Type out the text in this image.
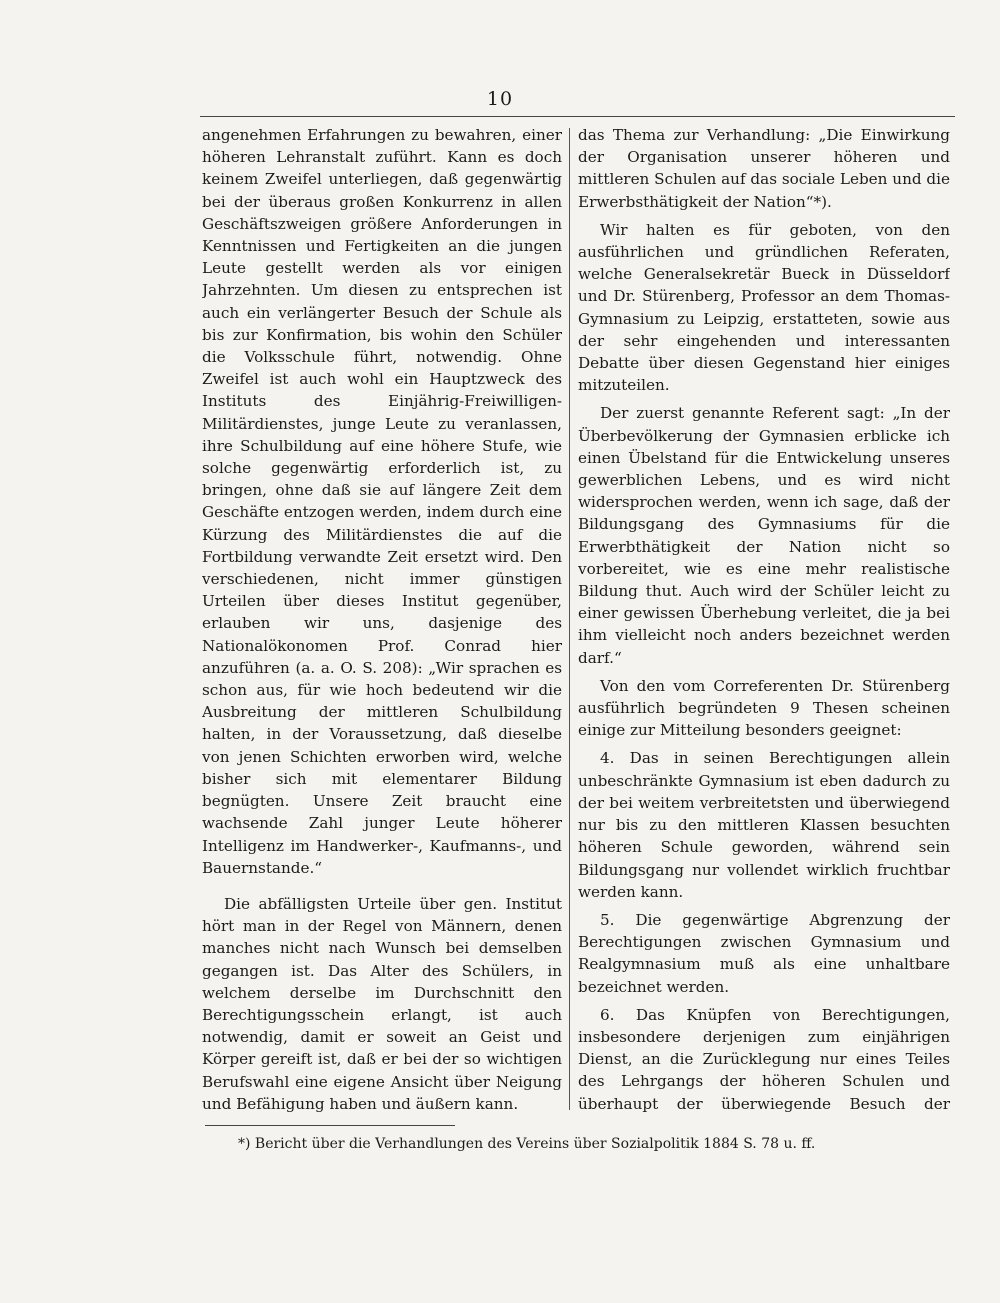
10

angenehmen Erfahrungen zu bewahren, einer höheren Lehranstalt zuführt. Kann es doch keinem Zweifel unterliegen, daß gegenwärtig bei der überaus großen Konkurrenz in allen Geschäftszweigen größere Anforderungen in Kenntnissen und Fertigkeiten an die jungen Leute gestellt werden als vor einigen Jahrzehnten. Um diesen zu entsprechen ist auch ein verlängerter Besuch der Schule als bis zur Konfirmation, bis wohin den Schüler die Volksschule führt, notwendig. Ohne Zweifel ist auch wohl ein Hauptzweck des Instituts des Einjährig-Freiwilligen-Militärdienstes, junge Leute zu veranlassen, ihre Schulbildung auf eine höhere Stufe, wie solche gegenwärtig erforderlich ist, zu bringen, ohne daß sie auf längere Zeit dem Geschäfte entzogen werden, indem durch eine Kürzung des Militärdienstes die auf die Fortbildung verwandte Zeit ersetzt wird. Den verschiedenen, nicht immer günstigen Urteilen über dieses Institut gegenüber, erlauben wir uns, dasjenige des Nationalökonomen Prof. Conrad hier anzuführen (a. a. O. S. 208): „Wir sprachen es schon aus, für wie hoch bedeutend wir die Ausbreitung der mittleren Schulbildung halten, in der Voraussetzung, daß dieselbe von jenen Schichten erworben wird, welche bisher sich mit elementarer Bildung begnügten. Unsere Zeit braucht eine wachsende Zahl junger Leute höherer Intelligenz im Handwerker-, Kaufmanns-, und Bauernstande.“

Die abfälligsten Urteile über gen. Institut hört man in der Regel von Männern, denen manches nicht nach Wunsch bei demselben gegangen ist. Das Alter des Schülers, in welchem derselbe im Durchschnitt den Berechtigungsschein erlangt, ist auch notwendig, damit er soweit an Geist und Körper gereift ist, daß er bei der so wichtigen Berufswahl eine eigene Ansicht über Neigung und Befähigung haben und äußern kann.

das Thema zur Verhandlung: „Die Einwirkung der Organisation unserer höheren und mittleren Schulen auf das sociale Leben und die Erwerbsthätigkeit der Nation“*).

Wir halten es für geboten, von den ausführlichen und gründlichen Referaten, welche Generalsekretär Bueck in Düsseldorf und Dr. Stürenberg, Professor an dem Thomas-Gymnasium zu Leipzig, erstatteten, sowie aus der sehr eingehenden und interessanten Debatte über diesen Gegenstand hier einiges mitzuteilen.

Der zuerst genannte Referent sagt: „In der Überbevölkerung der Gymnasien erblicke ich einen Übelstand für die Entwickelung unseres gewerblichen Lebens, und es wird nicht widersprochen werden, wenn ich sage, daß der Bildungsgang des Gymnasiums für die Erwerbthätigkeit der Nation nicht so vorbereitet, wie es eine mehr realistische Bildung thut. Auch wird der Schüler leicht zu einer gewissen Überhebung verleitet, die ja bei ihm vielleicht noch anders bezeichnet werden darf.“

Von den vom Correferenten Dr. Stürenberg ausführlich begründeten 9 Thesen scheinen einige zur Mitteilung besonders geeignet:

4. Das in seinen Berechtigungen allein unbeschränkte Gymnasium ist eben dadurch zu der bei weitem verbreitetsten und überwiegend nur bis zu den mittleren Klassen besuchten höheren Schule geworden, während sein Bildungsgang nur vollendet wirklich fruchtbar werden kann.

5. Die gegenwärtige Abgrenzung der Berechtigungen zwischen Gymnasium und Realgymnasium muß als eine unhaltbare bezeichnet werden.

6. Das Knüpfen von Berechtigungen, insbesondere derjenigen zum einjährigen Dienst, an die Zurücklegung nur eines Teiles des Lehrgangs der höheren Schulen und überhaupt der überwiegende Besuch der

*) Bericht über die Verhandlungen des Vereins über Sozialpolitik 1884 S. 78 u. ff.
